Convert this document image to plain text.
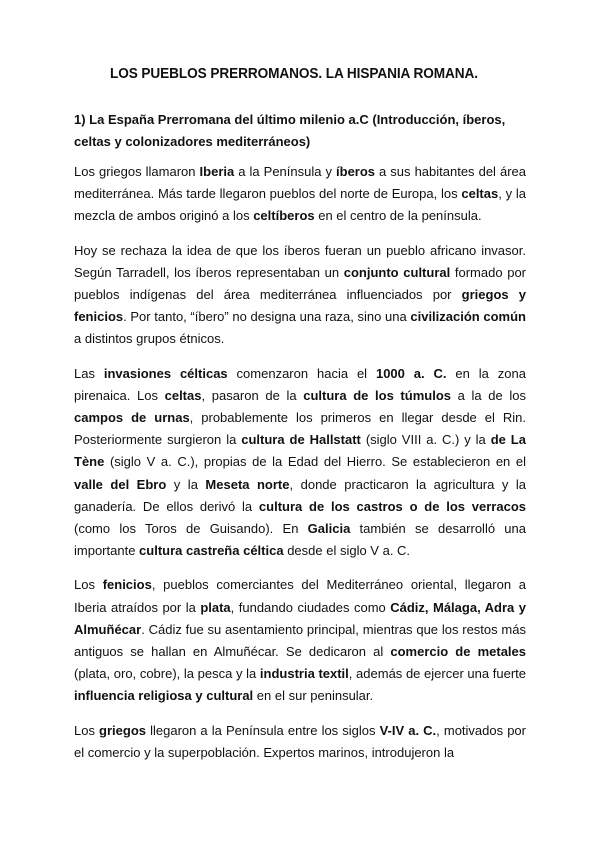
LOS PUEBLOS PRERROMANOS. LA HISPANIA ROMANA.
1) La España Prerromana del último milenio a.C (Introducción, íberos, celtas y colonizadores mediterráneos)

Los griegos llamaron Iberia a la Península y íberos a sus habitantes del área mediterránea. Más tarde llegaron pueblos del norte de Europa, los celtas, y la mezcla de ambos originó a los celtíberos en el centro de la península.

Hoy se rechaza la idea de que los íberos fueran un pueblo africano invasor. Según Tarradell, los íberos representaban un conjunto cultural formado por pueblos indígenas del área mediterránea influenciados por griegos y fenicios. Por tanto, “íbero” no designa una raza, sino una civilización común a distintos grupos étnicos.

Las invasiones célticas comenzaron hacia el 1000 a. C. en la zona pirenaica. Los celtas, pasaron de la cultura de los túmulos a la de los campos de urnas, probablemente los primeros en llegar desde el Rin. Posteriormente surgieron la cultura de Hallstatt (siglo VIII a. C.) y la de La Tène (siglo V a. C.), propias de la Edad del Hierro. Se establecieron en el valle del Ebro y la Meseta norte, donde practicaron la agricultura y la ganadería. De ellos derivó la cultura de los castros o de los verracos (como los Toros de Guisando). En Galicia también se desarrolló una importante cultura castreña céltica desde el siglo V a. C.

Los fenicios, pueblos comerciantes del Mediterráneo oriental, llegaron a Iberia atraídos por la plata, fundando ciudades como Cádiz, Málaga, Adra y Almuñécar. Cádiz fue su asentamiento principal, mientras que los restos más antiguos se hallan en Almuñécar. Se dedicaron al comercio de metales (plata, oro, cobre), la pesca y la industria textil, además de ejercer una fuerte influencia religiosa y cultural en el sur peninsular.

Los griegos llegaron a la Península entre los siglos V-IV a. C., motivados por el comercio y la superpoblación. Expertos marinos, introdujeron la
